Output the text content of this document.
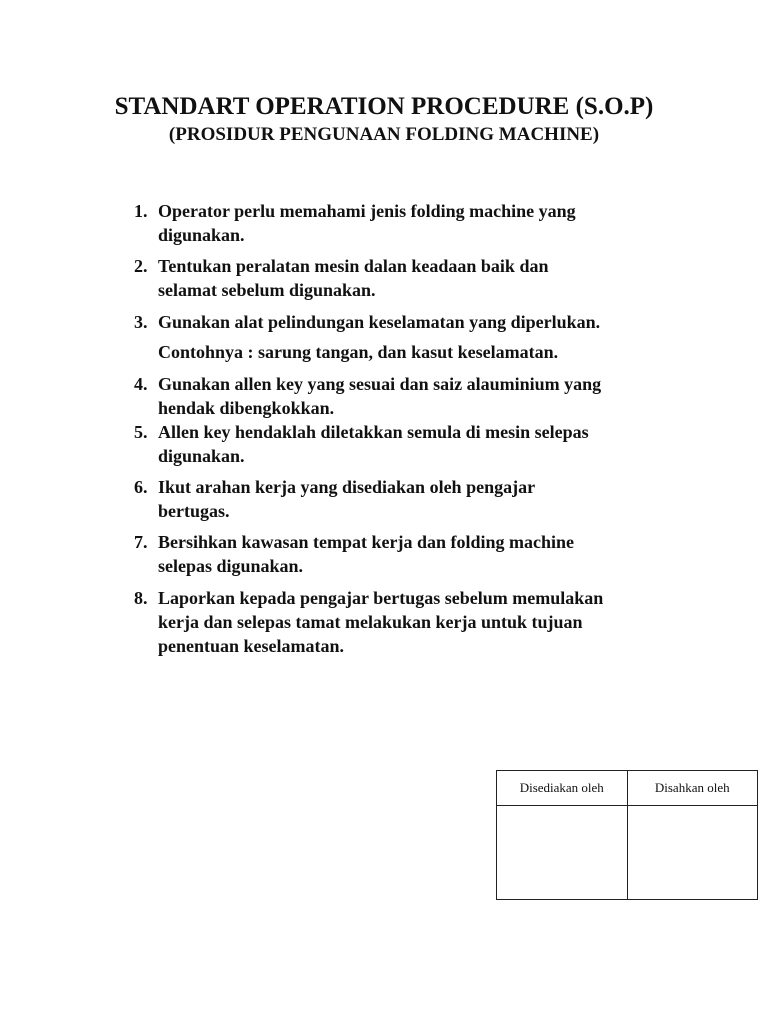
STANDART OPERATION PROCEDURE (S.O.P)
(PROSIDUR PENGUNAAN FOLDING MACHINE)
1. Operator perlu memahami jenis folding machine yang
digunakan.
2. Tentukan peralatan mesin dalan keadaan baik dan
selamat sebelum digunakan.
3. Gunakan alat pelindungan keselamatan yang diperlukan.
4. Gunakan allen key yang sesuai dan saiz alauminium yang
hendak dibengkokkan.
5. Allen key hendaklah diletakkan semula di mesin selepas
digunakan.
6. Ikut arahan kerja yang disediakan oleh pengajar
bertugas.
7. Bersihkan kawasan tempat kerja dan folding machine
selepas digunakan.
8. Laporkan kepada pengajar bertugas sebelum memulakan
kerja dan selepas tamat melakukan kerja untuk tujuan
penentuan keselamatan.
Contohnya : sarung tangan, dan kasut keselamatan.
Disediakan oleh	Disahkan oleh
